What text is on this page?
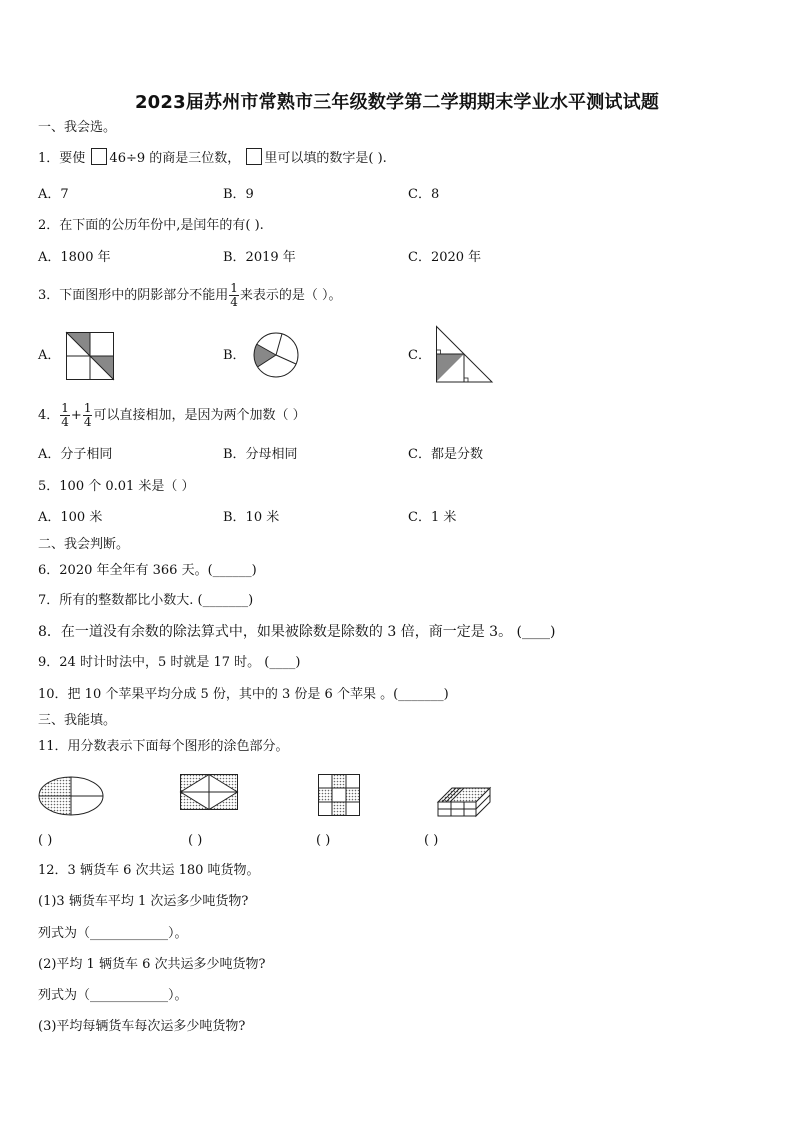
2023届苏州市常熟市三年级数学第二学期期末学业水平测试试题
一、我会选。
1．要使 46÷9 的商是三位数， 里可以填的数字是( ).
A．7	B．9	C．8
2．在下面的公历年份中,是闰年的有( ).
A．1800 年	B．2019 年	C．2020 年
3．下面图形中的阴影部分不能用 $\frac{1}{4}$ 来表示的是（ ）。
A．	B．	C．
4． $\frac{1}{4} + \frac{1}{4}$ 可以直接相加，是因为两个加数（ ）
A．分子相同	B．分母相同	C．都是分数
5．100 个 0.01 米是（ ）
A．100 米	B．10 米	C．1 米
二、我会判断。
6．2020 年全年有 366 天。(______)
7．所有的整数都比小数大. (_______)
8．在一道没有余数的除法算式中，如果被除数是除数的 3 倍，商一定是 3。 (____)
9．24 时计时法中，5 时就是 17 时。 (____)
10．把 10 个苹果平均分成 5 份，其中的 3 份是 6 个苹果 。(_______)
三、我能填。
11．用分数表示下面每个图形的涂色部分。
( )	( )	( )	( )
12．3 辆货车 6 次共运 180 吨货物。
(1)3 辆货车平均 1 次运多少吨货物?
列式为（____________）。
(2)平均 1 辆货车 6 次共运多少吨货物?
列式为（____________）。
(3)平均每辆货车每次运多少吨货物?
